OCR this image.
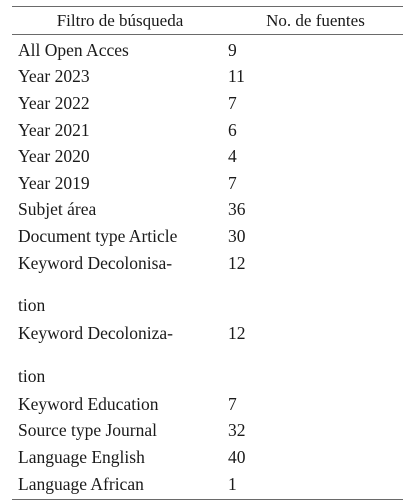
Filtro de búsqueda	No. de fuentes
All Open Acces	9
Year 2023	11
Year 2022	7
Year 2021	6
Year 2020	4
Year 2019	7
Subjet área	36
Document type Article	30
Keyword Decolonisa-	12
tion
Keyword Decoloniza-	12
tion
Keyword Education	7
Source type Journal	32
Language English	40
Language African	1
